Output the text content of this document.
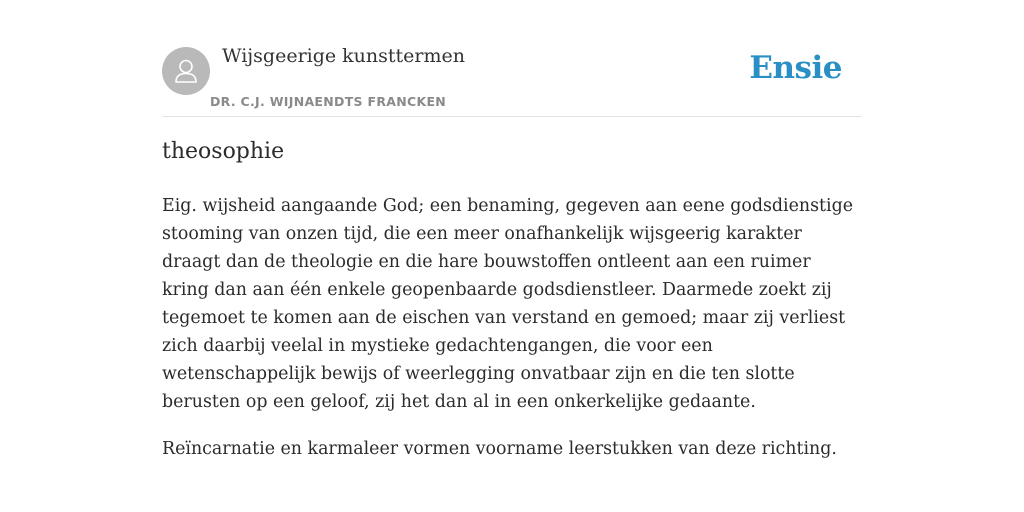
Wijsgeerige kunsttermen
DR. C.J. WIJNAENDTS FRANCKEN
Ensie
theosophie

Eig. wijsheid aangaande God; een benaming, gegeven aan eene godsdienstige stooming van onzen tijd, die een meer onafhankelijk wijsgeerig karakter draagt dan de theologie en die hare bouwstoffen ontleent aan een ruimer kring dan aan één enkele geopenbaarde godsdienstleer. Daarmede zoekt zij tegemoet te komen aan de eischen van verstand en gemoed; maar zij verliest zich daarbij veelal in mystieke gedachtengangen, die voor een wetenschappelijk bewijs of weerlegging onvatbaar zijn en die ten slotte berusten op een geloof, zij het dan al in een onkerkelijke gedaante.

Reïncarnatie en karmaleer vormen voorname leerstukken van deze richting.
